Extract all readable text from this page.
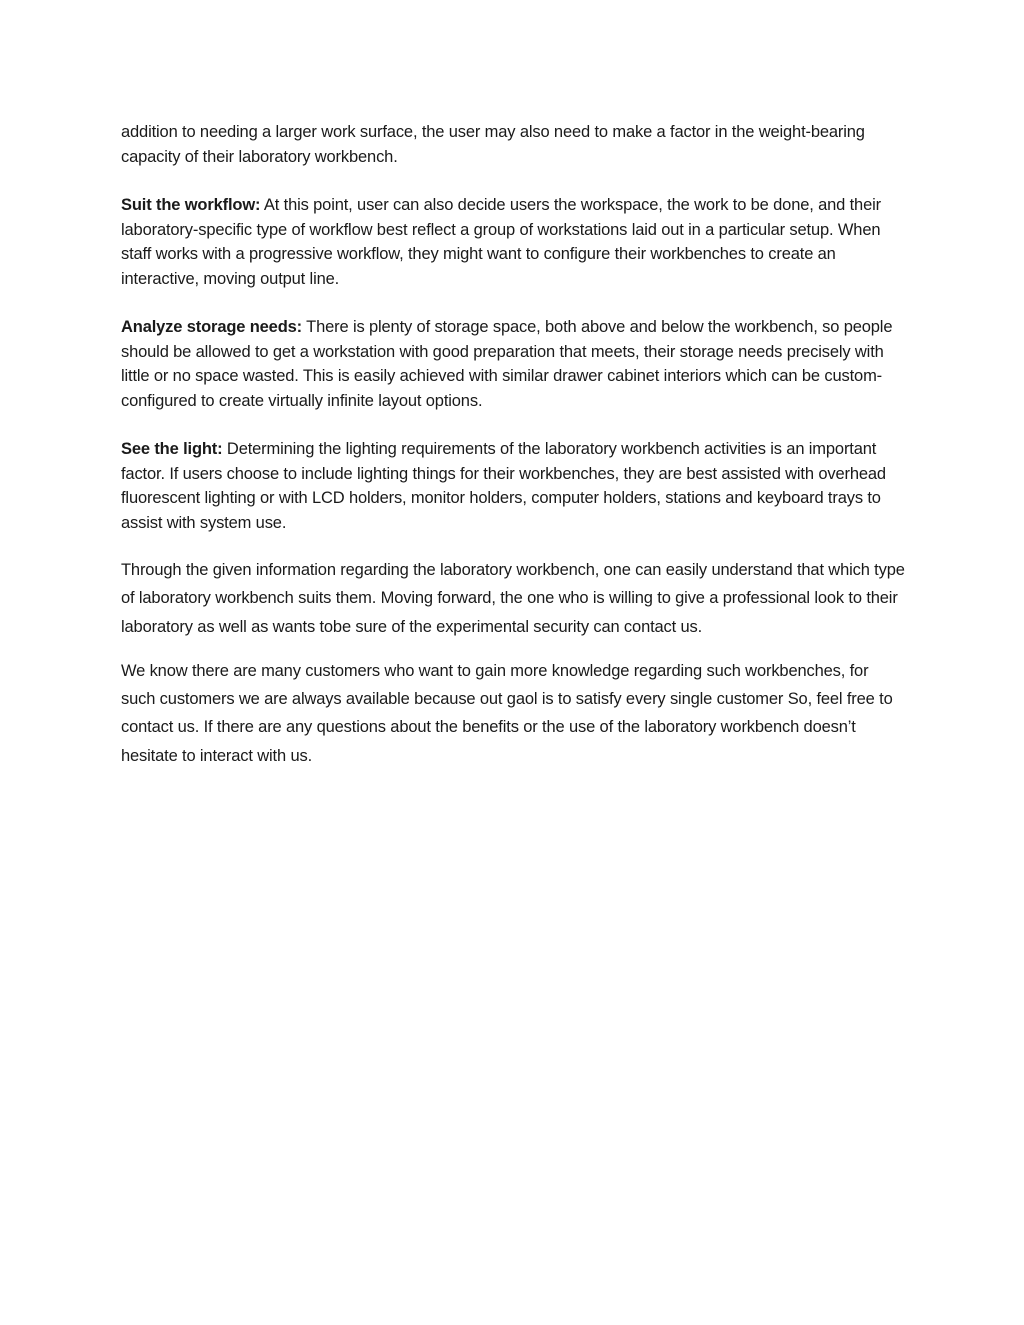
addition to needing a larger work surface, the user may also need to make a factor in the weight-bearing capacity of their laboratory workbench.

Suit the workflow: At this point, user can also decide users the workspace, the work to be done, and their laboratory-specific type of workflow best reflect a group of workstations laid out in a particular setup. When staff works with a progressive workflow, they might want to configure their workbenches to create an interactive, moving output line.

Analyze storage needs: There is plenty of storage space, both above and below the workbench, so people should be allowed to get a workstation with good preparation that meets, their storage needs precisely with little or no space wasted. This is easily achieved with similar drawer cabinet interiors which can be custom-configured to create virtually infinite layout options.

See the light: Determining the lighting requirements of the laboratory workbench activities is an important factor. If users choose to include lighting things for their workbenches, they are best assisted with overhead fluorescent lighting or with LCD holders, monitor holders, computer holders, stations and keyboard trays to assist with system use.

Through the given information regarding the laboratory workbench, one can easily understand that which type of laboratory workbench suits them. Moving forward, the one who is willing to give a professional look to their laboratory as well as wants tobe sure of the experimental security can contact us.

We know there are many customers who want to gain more knowledge regarding such workbenches, for such customers we are always available because out gaol is to satisfy every single customer So, feel free to contact us. If there are any questions about the benefits or the use of the laboratory workbench doesn’t hesitate to interact with us.
